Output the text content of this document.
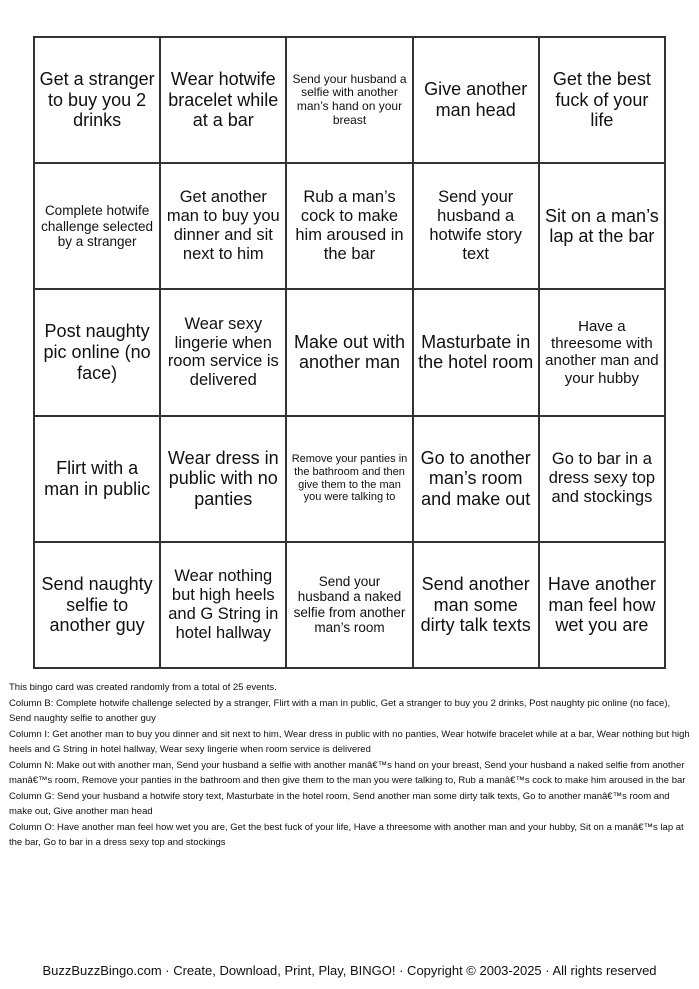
Get a stranger to buy you 2 drinks
Wear hotwife bracelet while at a bar
Send your husband a selfie with another man’s hand on your breast
Give another man head
Get the best fuck of your life
Complete hotwife challenge selected by a stranger
Get another man to buy you dinner and sit next to him
Rub a man’s cock to make him aroused in the bar
Send your husband a hotwife story text
Sit on a man’s lap at the bar
Post naughty pic online (no face)
Wear sexy lingerie when room service is delivered
Make out with another man
Masturbate in the hotel room
Have a threesome with another man and your hubby
Flirt with a man in public
Wear dress in public with no panties
Remove your panties in the bathroom and then give them to the man you were talking to
Go to another man’s room and make out
Go to bar in a dress sexy top and stockings
Send naughty selfie to another guy
Wear nothing but high heels and G String in hotel hallway
Send your husband a naked selfie from another man’s room
Send another man some dirty talk texts
Have another man feel how wet you are

This bingo card was created randomly from a total of 25 events.

Column B: Complete hotwife challenge selected by a stranger, Flirt with a man in public, Get a stranger to buy you 2 drinks, Post naughty pic online (no face), Send naughty selfie to another guy

Column I: Get another man to buy you dinner and sit next to him, Wear dress in public with no panties, Wear hotwife bracelet while at a bar, Wear nothing but high heels and G String in hotel hallway, Wear sexy lingerie when room service is delivered

Column N: Make out with another man, Send your husband a selfie with another manâ€™s hand on your breast, Send your husband a naked selfie from another manâ€™s room, Remove your panties in the bathroom and then give them to the man you were talking to, Rub a manâ€™s cock to make him aroused in the bar

Column G: Send your husband a hotwife story text, Masturbate in the hotel room, Send another man some dirty talk texts, Go to another manâ€™s room and make out, Give another man head

Column O: Have another man feel how wet you are, Get the best fuck of your life, Have a threesome with another man and your hubby, Sit on a manâ€™s lap at the bar, Go to bar in a dress sexy top and stockings

BuzzBuzzBingo.com · Create, Download, Print, Play, BINGO! · Copyright © 2003-2025 · All rights reserved
